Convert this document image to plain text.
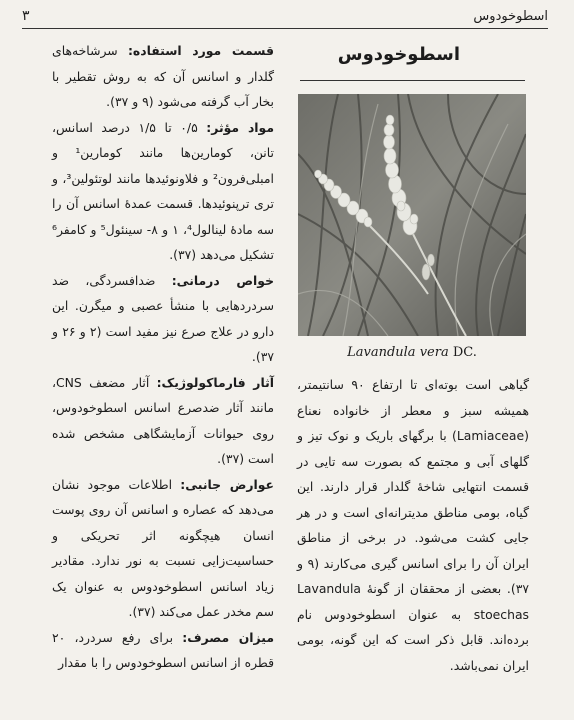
۳	اسطوخودوس

قسمت مورد استفاده: سرشاخه‌های گلدار و اسانس آن که به روش تقطیر با بخار آب گرفته می‌شود (۹ و ۳۷).

مواد مؤثر: ۰/۵ تا ۱/۵ درصد اسانس، تانن، کومارین‌ها مانند کومارین¹ و امبلی‌فرون² و فلاونوئیدها مانند لوتئولین³، و تری ترپنوئیدها. قسمت عمدهٔ اسانس آن را سه مادهٔ لینالول⁴، ۱ و ۸- سینئول⁵ و کامفر⁶ تشکیل می‌دهد (۳۷).

خواص درمانی: ضدافسردگی، ضد سردردهایی با منشأ عصبی و میگرن. این دارو در علاج صرع نیز مفید است (۲ و ۲۶ و ۳۷).

آثار فارماکولوژیک: آثار مضعف CNS، مانند آثار ضدصرع اسانس اسطوخودوس، روی حیوانات آزمایشگاهی مشخص شده است (۳۷).

عوارض جانبی: اطلاعات موجود نشان می‌دهد که عصاره و اسانس آن روی پوست انسان هیچگونه اثر تحریکی و حساسیت‌زایی نسبت به نور ندارد. مقادیر زیاد اسانس اسطوخودوس به عنوان یک سم مخدر عمل می‌کند (۳۷).

میزان مصرف: برای رفع سردرد، ۲۰ قطره از اسانس اسطوخودوس را با مقدار

اسطوخودوس
Lavandula vera DC.

گیاهی است بوته‌ای تا ارتفاع ۹۰ سانتیمتر، همیشه سبز و معطر از خانواده نعناع (Lamiaceae) با برگهای باریک و نوک تیز و گلهای آبی و مجتمع که بصورت سه تایی در قسمت انتهایی شاخهٔ گلدار قرار دارند. این گیاه، بومی مناطق مدیترانه‌ای است و در هر جایی کشت می‌شود. در برخی از مناطق ایران آن را برای اسانس گیری می‌کارند (۹ و ۳۷). بعضی از محققان از گونهٔ Lavandula stoechas به عنوان اسطوخودوس نام برده‌اند. قابل ذکر است که این گونه، بومی ایران نمی‌باشد.
